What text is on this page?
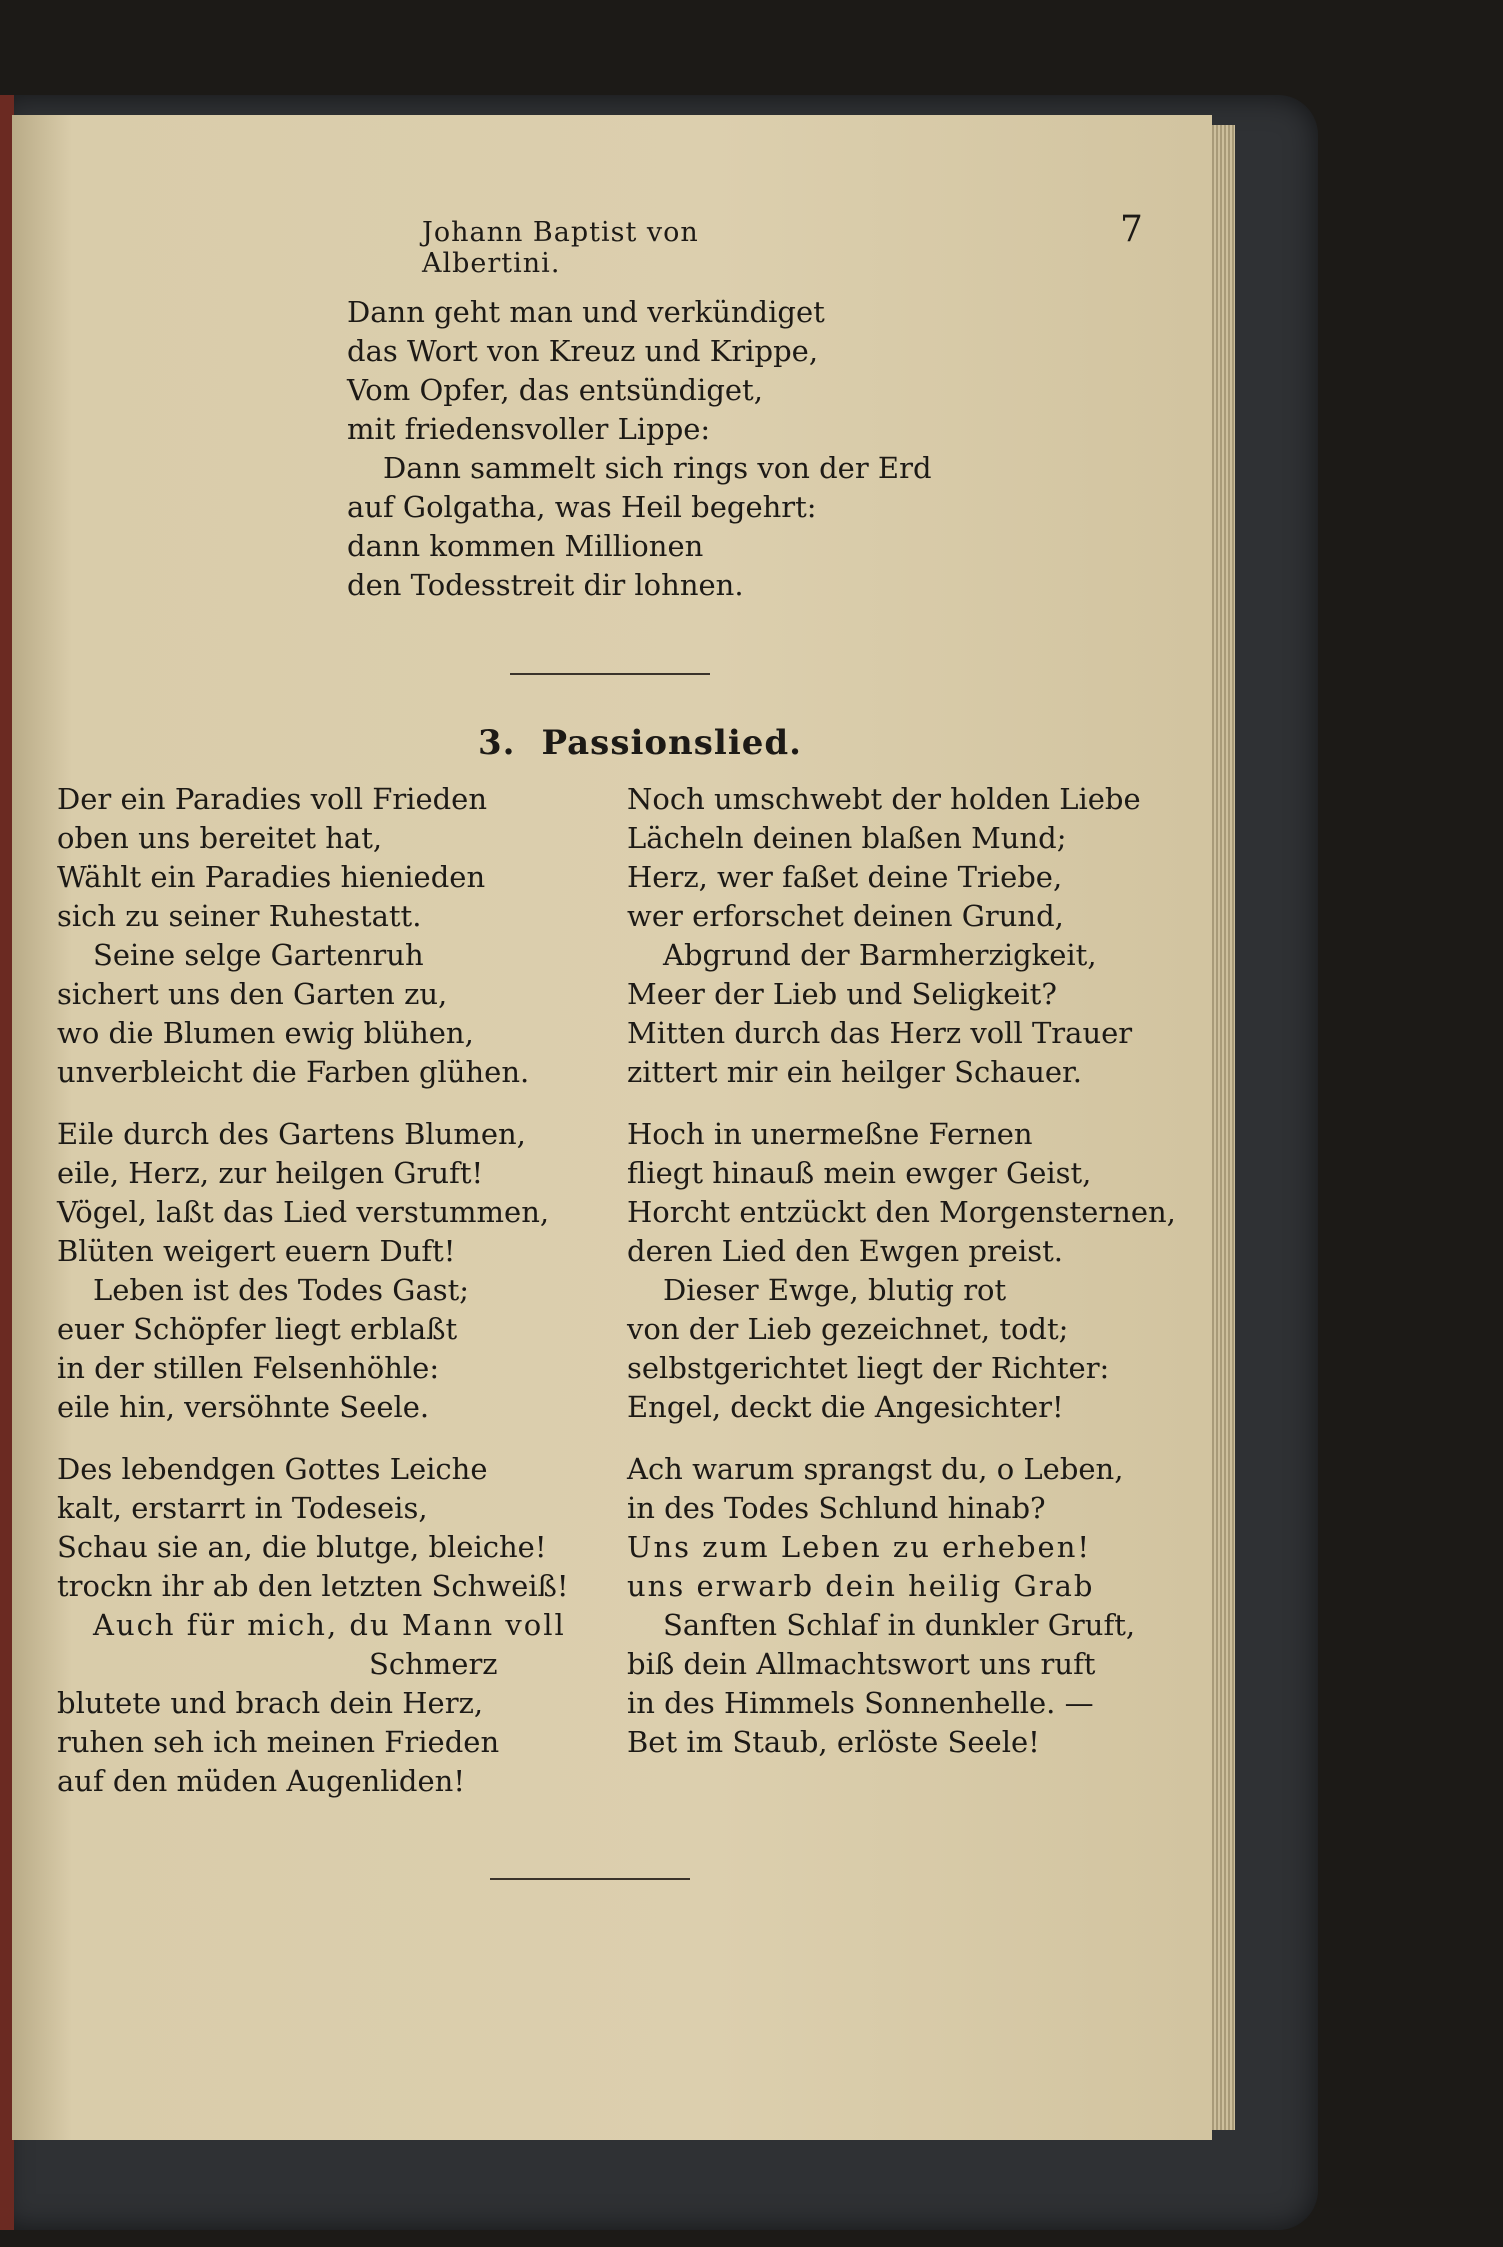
Johann Baptist von Albertini.
7
Dann geht man und verkündiget
das Wort von Kreuz und Krippe,
Vom Opfer, das entsündiget,
mit friedensvoller Lippe:
Dann sammelt sich rings von der Erd
auf Golgatha, was Heil begehrt:
dann kommen Millionen
den Todesstreit dir lohnen.
3. Passionslied.
Der ein Paradies voll Frieden
oben uns bereitet hat,
Wählt ein Paradies hienieden
sich zu seiner Ruhestatt.
Seine selge Gartenruh
sichert uns den Garten zu,
wo die Blumen ewig blühen,
unverbleicht die Farben glühen.
Eile durch des Gartens Blumen,
eile, Herz, zur heilgen Gruft!
Vögel, laßt das Lied verstummen,
Blüten weigert euern Duft!
Leben ist des Todes Gast;
euer Schöpfer liegt erblaßt
in der stillen Felsenhöhle:
eile hin, versöhnte Seele.
Des lebendgen Gottes Leiche
kalt, erstarrt in Todeseis,
Schau sie an, die blutge, bleiche!
trockn ihr ab den letzten Schweiß!
Auch für mich, du Mann voll
Schmerz
blutete und brach dein Herz,
ruhen seh ich meinen Frieden
auf den müden Augenliden!
Noch umschwebt der holden Liebe
Lächeln deinen blaßen Mund;
Herz, wer faßet deine Triebe,
wer erforschet deinen Grund,
Abgrund der Barmherzigkeit,
Meer der Lieb und Seligkeit?
Mitten durch das Herz voll Trauer
zittert mir ein heilger Schauer.
Hoch in unermeßne Fernen
fliegt hinauß mein ewger Geist,
Horcht entzückt den Morgensternen,
deren Lied den Ewgen preist.
Dieser Ewge, blutig rot
von der Lieb gezeichnet, todt;
selbstgerichtet liegt der Richter:
Engel, deckt die Angesichter!
Ach warum sprangst du, o Leben,
in des Todes Schlund hinab?
Uns zum Leben zu erheben!
uns erwarb dein heilig Grab
Sanften Schlaf in dunkler Gruft,
biß dein Allmachtswort uns ruft
in des Himmels Sonnenhelle. —
Bet im Staub, erlöste Seele!
